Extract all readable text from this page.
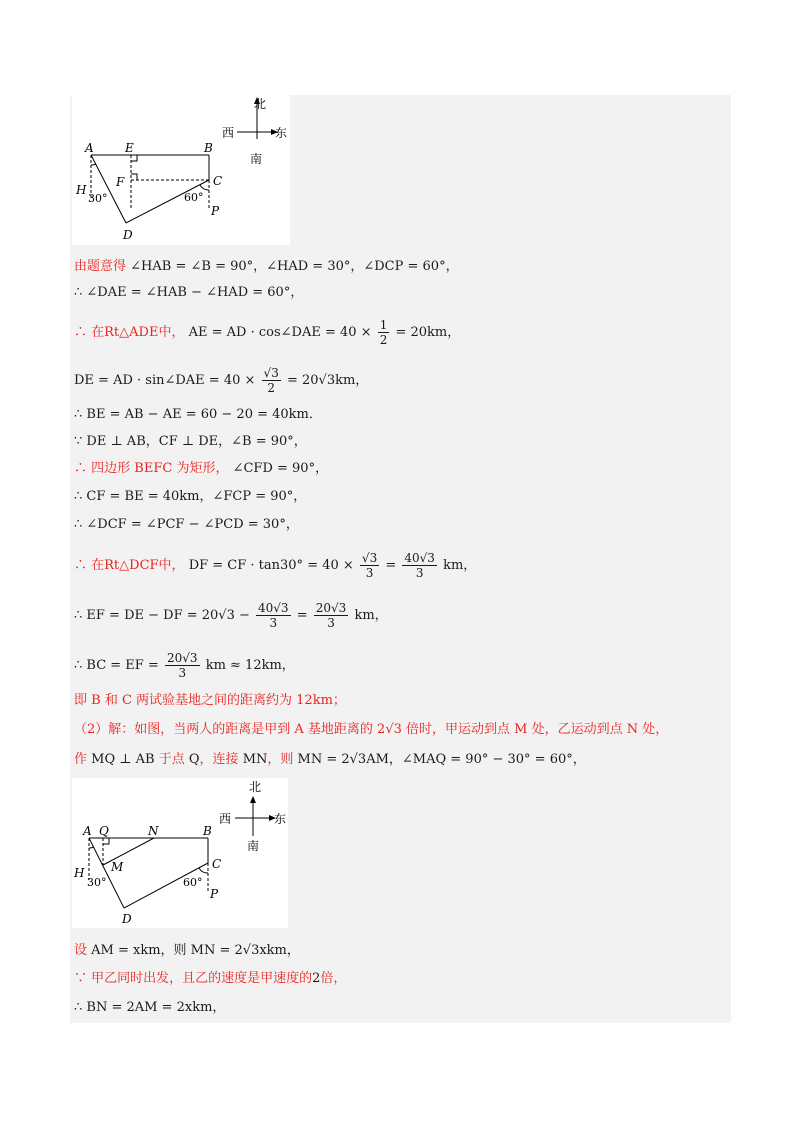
北
西	东
南
A	E	B
H
F	C
D
P
30°	60°
由题意得 ∠HAB = ∠B = 90°，∠HAD = 30°，∠DCP = 60°，
∴ ∠DAE = ∠HAB − ∠HAD = 60°，
∴ 在Rt△ADE中， AE = AD · cos∠DAE = $40 \times \frac{1}{2} = 20km$，
DE = AD · sin∠DAE = $40 \times \frac{√3}{2} = 20√3km$，
∴ BE = AB − AE = 60 − 20 = 40km．
∵ DE ⊥ AB，CF ⊥ DE，∠B = 90°，
∴ 四边形 BEFC 为矩形， ∠CFD = 90°，
∴ CF = BE = 40km，∠FCP = 90°，
∴ ∠DCF = ∠PCF − ∠PCD = 30°，
∴ 在Rt△DCF中， DF = CF · $\tan 30^\circ = 40 \times \frac{√3}{3} = \frac{40√3}{3}$ km，
∴ EF = DE − DF = $20√3 - \frac{40√3}{3} = \frac{20√3}{3}$ km，
∴ BC = EF = $\frac{20√3}{3}$ km ≈ 12km，
即 B 和 C 两试验基地之间的距离约为 12km；
（2）解：如图，当两人的距离是甲到 A 基地距离的 2√3 倍时，甲运动到点 M 处，乙运动到点 N 处，
作 MQ ⊥ AB 于点 Q，连接 MN，则 MN = 2√3AM，∠MAQ = 90° − 30° = 60°，
北
西	东
南
A Q	N	B
H M	C
D
P
30°	60°
设 AM = xkm，则 MN = 2√3xkm，
∵ 甲乙同时出发，且乙的速度是甲速度的2倍，
∴ BN = 2AM = 2xkm，
